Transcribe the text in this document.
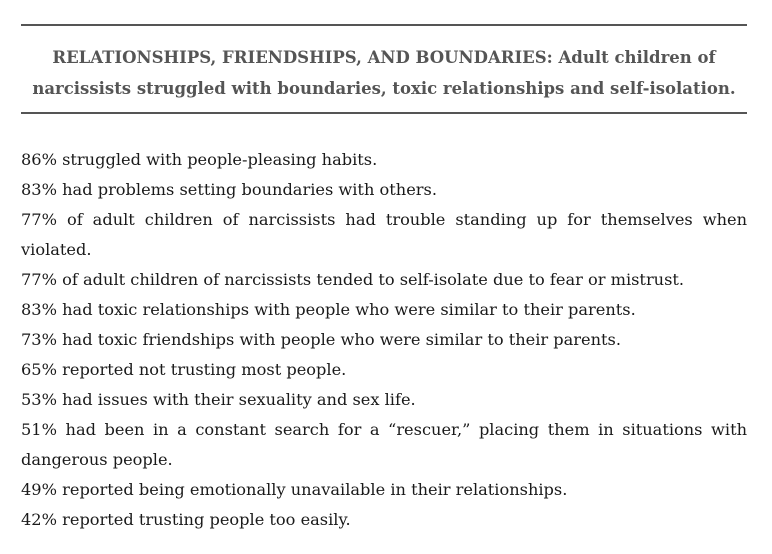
RELATIONSHIPS, FRIENDSHIPS, AND BOUNDARIES: Adult children of
narcissists struggled with boundaries, toxic relationships and self-isolation.
86% struggled with people-pleasing habits.
83% had problems setting boundaries with others.
77% of adult children of narcissists had trouble standing up for themselves when
violated.
77% of adult children of narcissists tended to self-isolate due to fear or mistrust.
83% had toxic relationships with people who were similar to their parents.
73% had toxic friendships with people who were similar to their parents.
65% reported not trusting most people.
53% had issues with their sexuality and sex life.
51% had been in a constant search for a “rescuer,” placing them in situations with
dangerous people.
49% reported being emotionally unavailable in their relationships.
42% reported trusting people too easily.
